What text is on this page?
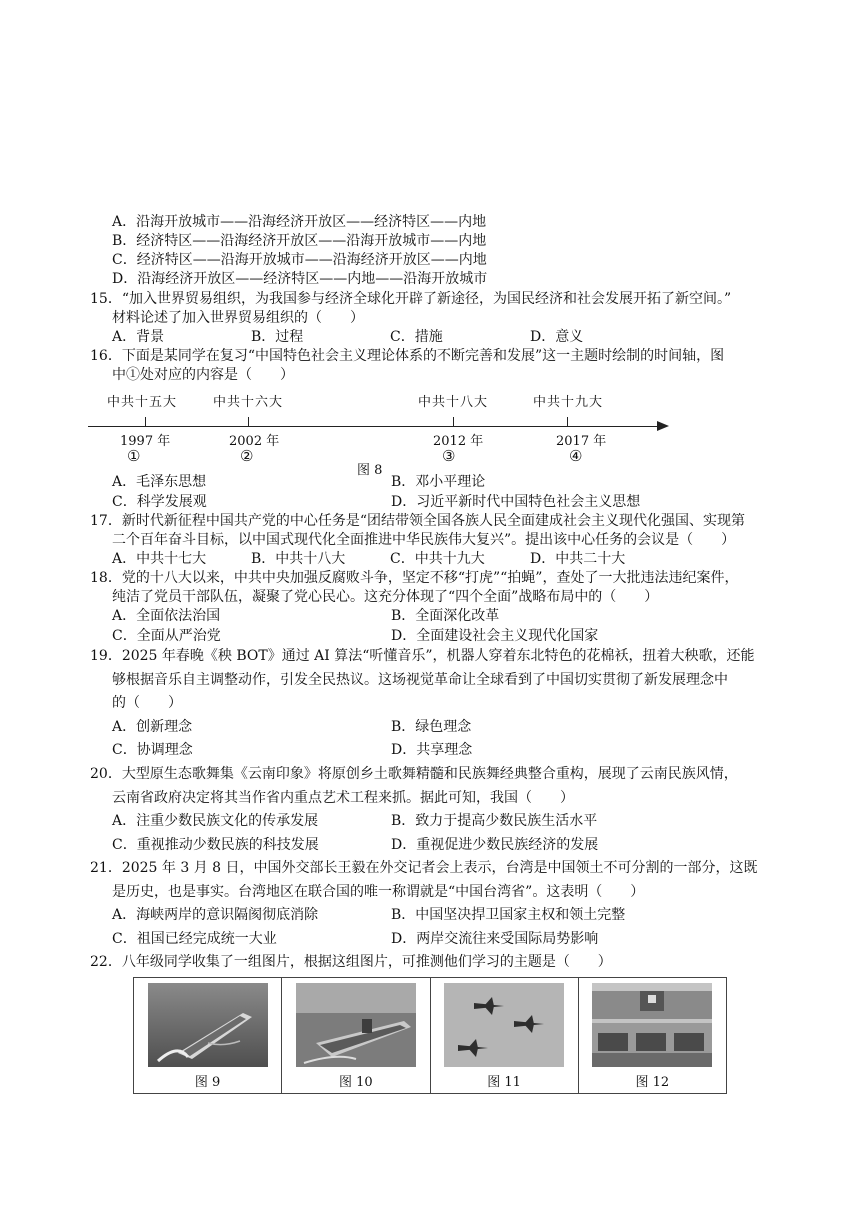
A．沿海开放城市——沿海经济开放区——经济特区——内地
B．经济特区——沿海经济开放区——沿海开放城市——内地
C．经济特区——沿海开放城市——沿海经济开放区——内地
D．沿海经济开放区——经济特区——内地——沿海开放城市
15．“加入世界贸易组织，为我国参与经济全球化开辟了新途径，为国民经济和社会发展开拓了新空间。”
材料论述了加入世界贸易组织的（　　）
A．背景	B．过程	C．措施	D．意义
16．下面是某同学在复习“中国特色社会主义理论体系的不断完善和发展”这一主题时绘制的时间轴，图
中①处对应的内容是（　　）
中共十五大	中共十六大	中共十八大	中共十九大
1997 年	2002 年	2012 年	2017 年
①	②	③	④
图 8
A．毛泽东思想	B．邓小平理论
C．科学发展观	D．习近平新时代中国特色社会主义思想
17．新时代新征程中国共产党的中心任务是“团结带领全国各族人民全面建成社会主义现代化强国、实现第
二个百年奋斗目标，以中国式现代化全面推进中华民族伟大复兴”。提出该中心任务的会议是（　　）
A．中共十七大	B．中共十八大	C．中共十九大	D．中共二十大
18．党的十八大以来，中共中央加强反腐败斗争，坚定不移“打虎”“拍蝇”，查处了一大批违法违纪案件，
纯洁了党员干部队伍，凝聚了党心民心。这充分体现了“四个全面”战略布局中的（　　）
A．全面依法治国	B．全面深化改革
C．全面从严治党	D．全面建设社会主义现代化国家
19．2025 年春晚《秧 BOT》通过 AI 算法“听懂音乐”，机器人穿着东北特色的花棉袄，扭着大秧歌，还能
够根据音乐自主调整动作，引发全民热议。这场视觉革命让全球看到了中国切实贯彻了新发展理念中
的（　　）
A．创新理念	B．绿色理念
C．协调理念	D．共享理念
20．大型原生态歌舞集《云南印象》将原创乡土歌舞精髓和民族舞经典整合重构，展现了云南民族风情，
云南省政府决定将其当作省内重点艺术工程来抓。据此可知，我国（　　）
A．注重少数民族文化的传承发展	B．致力于提高少数民族生活水平
C．重视推动少数民族的科技发展	D．重视促进少数民族经济的发展
21．2025 年 3 月 8 日，中国外交部长王毅在外交记者会上表示，台湾是中国领土不可分割的一部分，这既
是历史，也是事实。台湾地区在联合国的唯一称谓就是“中国台湾省”。这表明（　　）
A．海峡两岸的意识隔阂彻底消除	B．中国坚决捍卫国家主权和领土完整
C．祖国已经完成统一大业	D．两岸交流往来受国际局势影响
22．八年级同学收集了一组图片，根据这组图片，可推测他们学习的主题是（　　）
图 9	图 10	图 11	图 12
